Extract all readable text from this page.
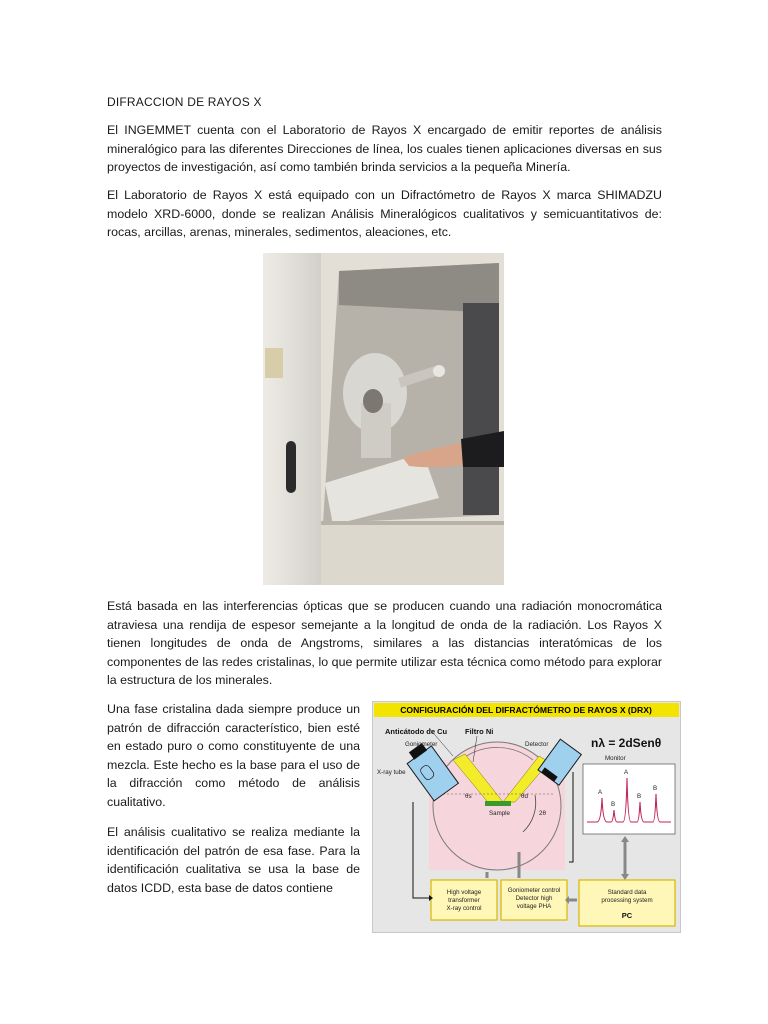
DIFRACCION DE RAYOS X

El INGEMMET cuenta con el Laboratorio de Rayos X encargado de emitir reportes de análisis mineralógico para las diferentes Direcciones de línea, los cuales tienen aplicaciones diversas en sus proyectos de investigación, así como también brinda servicios a la pequeña Minería.

El Laboratorio de Rayos X está equipado con un Difractómetro de Rayos X marca SHIMADZU modelo XRD-6000, donde se realizan Análisis Mineralógicos cualitativos y semicuantitativos de: rocas, arcillas, arenas, minerales, sedimentos, aleaciones, etc.

Está basada en las interferencias ópticas que se producen cuando una radiación monocromática atraviesa una rendija de espesor semejante a la longitud de onda de la radiación. Los Rayos X tienen longitudes de onda de Angstroms, similares a las distancias interatómicas de los componentes de las redes cristalinas, lo que permite utilizar esta técnica como método para explorar la estructura de los minerales.

Una fase cristalina dada siempre produce un patrón de difracción característico, bien esté en estado puro o como constituyente de una mezcla. Este hecho es la base para el uso de la difracción como método de análisis cualitativo.

El análisis cualitativo se realiza mediante la identificación del patrón de esa fase. Para la identificación cualitativa se usa la base de datos ICDD, esta base de datos contiene

CONFIGURACIÓN DEL DIFRACTÓMETRO DE RAYOS X (DRX)
Anticátodo de Cu Filtro Ni
Goniometer	Detector
X-ray tube
θs	θd
2θ
Sample
nλ = 2dSenθ
Monitor
A
B
A
B
B
High voltage
transformer
X-ray control
Goniometer control
Detector high
voltage PHA
Standard data
processing system
PC
